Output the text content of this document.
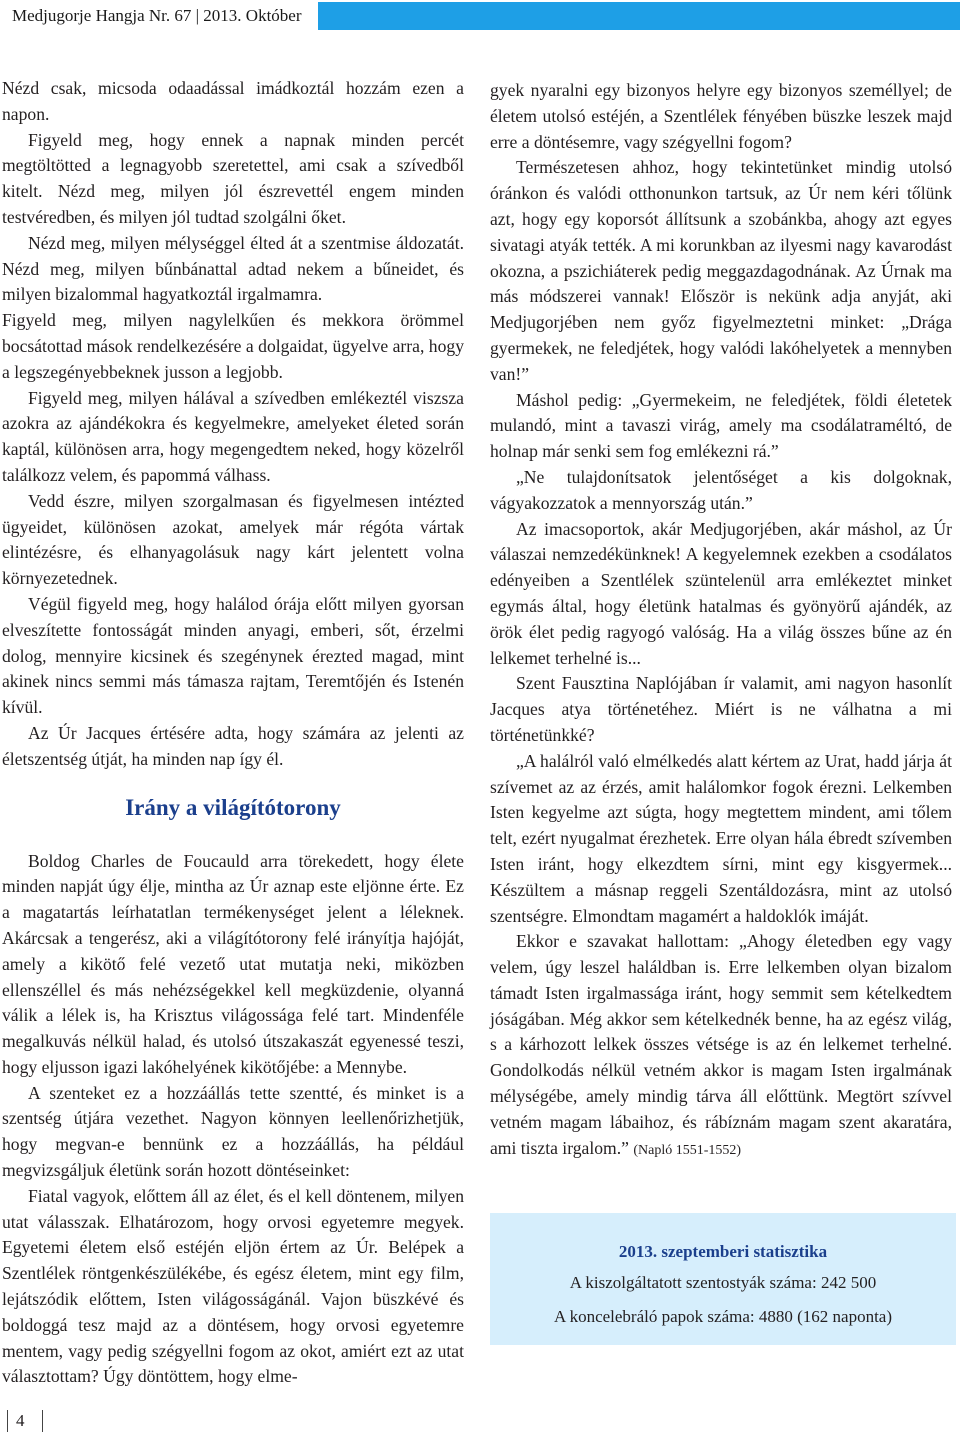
Medjugorje Hangja Nr. 67 | 2013. Október

Nézd csak, micsoda odaadással imádkoztál hozzám ezen a napon.

Figyeld meg, hogy ennek a napnak minden percét megtöltötted a legnagyobb szeretettel, ami csak a szívedből kitelt. Nézd meg, milyen jól észrevettél engem minden testvéredben, és milyen jól tudtad szolgálni őket.

Nézd meg, milyen mélységgel élted át a szentmise áldozatát. Nézd meg, milyen bűnbánattal adtad nekem a bűneidet, és milyen bizalommal hagyatkoztál irgalmamra.

Figyeld meg, milyen nagylelkűen és mekkora örömmel bocsátottad mások rendelkezésére a dolgaidat, ügyelve arra, hogy a legszegényebbeknek jusson a legjobb.

Figyeld meg, milyen hálával a szívedben emlékeztél viszsza azokra az ajándékokra és kegyelmekre, amelyeket életed során kaptál, különösen arra, hogy megengedtem neked, hogy közelről találkozz velem, és papommá válhass.

Vedd észre, milyen szorgalmasan és figyelmesen intézted ügyeidet, különösen azokat, amelyek már régóta vártak elintézésre, és elhanyagolásuk nagy kárt jelentett volna környezetednek.

Végül figyeld meg, hogy halálod órája előtt milyen gyorsan elveszítette fontosságát minden anyagi, emberi, sőt, érzelmi dolog, mennyire kicsinek és szegénynek érezted magad, mint akinek nincs semmi más támasza rajtam, Teremtőjén és Istenén kívül.

Az Úr Jacques értésére adta, hogy számára az jelenti az életszentség útját, ha minden nap így él.

Irány a világítótorony

Boldog Charles de Foucauld arra törekedett, hogy élete minden napját úgy élje, mintha az Úr aznap este eljönne érte. Ez a magatartás leírhatatlan termékenységet jelent a léleknek. Akárcsak a tengerész, aki a világítótorony felé irányítja hajóját, amely a kikötő felé vezető utat mutatja neki, miközben ellenszéllel és más nehézségekkel kell megküzdenie, olyanná válik a lélek is, ha Krisztus világossága felé tart. Mindenféle megalkuvás nélkül halad, és utolsó útszakaszát egyenessé teszi, hogy eljusson igazi lakóhelyének kikötőjébe: a Mennybe.

A szenteket ez a hozzáállás tette szentté, és minket is a szentség útjára vezethet. Nagyon könnyen leellenőrizhetjük, hogy megvan-e bennünk ez a hozzáállás, ha például megvizsgáljuk életünk során hozott döntéseinket:

Fiatal vagyok, előttem áll az élet, és el kell döntenem, milyen utat válasszak. Elhatározom, hogy orvosi egyetemre megyek. Egyetemi életem első estéjén eljön értem az Úr. Belépek a Szentlélek röntgenkészülékébe, és egész életem, mint egy film, lejátszódik előttem, Isten világosságánál. Vajon büszkévé és boldoggá tesz majd az a döntésem, hogy orvosi egyetemre mentem, vagy pedig szégyellni fogom az okot, amiért ezt az utat választottam? Úgy döntöttem, hogy elme-

gyek nyaralni egy bizonyos helyre egy bizonyos személlyel; de életem utolsó estéjén, a Szentlélek fényében büszke leszek majd erre a döntésemre, vagy szégyellni fogom?

Természetesen ahhoz, hogy tekintetünket mindig utolsó óránkon és valódi otthonunkon tartsuk, az Úr nem kéri tőlünk azt, hogy egy koporsót állítsunk a szobánkba, ahogy azt egyes sivatagi atyák tették. A mi korunkban az ilyesmi nagy kavarodást okozna, a pszichiáterek pedig meggazdagodnának. Az Úrnak ma más módszerei vannak! Először is nekünk adja anyját, aki Medjugorjében nem győz figyelmeztetni minket: „Drága gyermekek, ne feledjétek, hogy valódi lakóhelyetek a mennyben van!”

Máshol pedig: „Gyermekeim, ne feledjétek, földi életetek mulandó, mint a tavaszi virág, amely ma csodálatraméltó, de holnap már senki sem fog emlékezni rá.”

„Ne tulajdonítsatok jelentőséget a kis dolgoknak, vágyakozzatok a mennyország után.”

Az imacsoportok, akár Medjugorjében, akár máshol, az Úr válaszai nemzedékünknek! A kegyelemnek ezekben a csodálatos edényeiben a Szentlélek szüntelenül arra emlékeztet minket egymás által, hogy életünk hatalmas és gyönyörű ajándék, az örök élet pedig ragyogó valóság. Ha a világ összes bűne az én lelkemet terhelné is...

Szent Fausztina Naplójában ír valamit, ami nagyon hasonlít Jacques atya történetéhez. Miért is ne válhatna a mi történetünkké?

„A halálról való elmélkedés alatt kértem az Urat, hadd járja át szívemet az az érzés, amit halálomkor fogok érezni. Lelkemben Isten kegyelme azt súgta, hogy megtettem mindent, ami tőlem telt, ezért nyugalmat érezhetek. Erre olyan hála ébredt szívemben Isten iránt, hogy elkezdtem sírni, mint egy kisgyermek... Készültem a másnap reggeli Szentáldozásra, mint az utolsó szentségre. Elmondtam magamért a haldoklók imáját.

Ekkor e szavakat hallottam: „Ahogy életedben egy vagy velem, úgy leszel haláldban is. Erre lelkemben olyan bizalom támadt Isten irgalmassága iránt, hogy semmit sem kételkedtem jóságában. Még akkor sem kételkednék benne, ha az egész világ, s a kárhozott lelkek összes vétsége is az én lelkemet terhelné. Gondolkodás nélkül vetném akkor is magam Isten irgalmának mélységébe, amely mindig tárva áll előttünk. Megtört szívvel vetném magam lábaihoz, és rábíznám magam szent akaratára, ami tiszta irgalom.” (Napló 1551-1552)

2013. szeptemberi statisztika
A kiszolgáltatott szentostyák száma: 242 500
A koncelebráló papok száma: 4880 (162 naponta)
4
